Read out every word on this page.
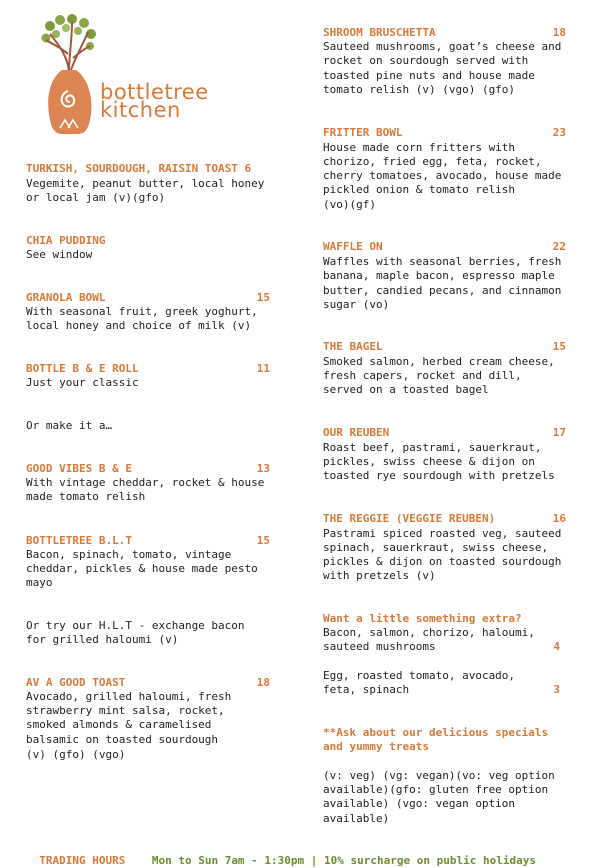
bottletree
kitchen
TURKISH, SOURDOUGH, RAISIN TOAST 6
Vegemite, peanut butter, local honey
or local jam (v)(gfo)
CHIA PUDDING
See window
GRANOLA BOWL	15
With seasonal fruit, greek yoghurt,
local honey and choice of milk (v)
BOTTLE B & E ROLL	11
Just your classic
Or make it a…
GOOD VIBES B & E	13
With vintage cheddar, rocket & house
made tomato relish
BOTTLETREE B.L.T	15
Bacon, spinach, tomato, vintage
cheddar, pickles & house made pesto
mayo
Or try our H.L.T - exchange bacon
for grilled haloumi (v)
AV A GOOD TOAST	18
Avocado, grilled haloumi, fresh
strawberry mint salsa, rocket,
smoked almonds & caramelised
balsamic on toasted sourdough
(v) (gfo) (vgo)
SHROOM BRUSCHETTA	18
Sauteed mushrooms, goat’s cheese and
rocket on sourdough served with
toasted pine nuts and house made
tomato relish (v) (vgo) (gfo)
FRITTER BOWL	23
House made corn fritters with
chorizo, fried egg, feta, rocket,
cherry tomatoes, avocado, house made
pickled onion & tomato relish
(vo)(gf)
WAFFLE ON	22
Waffles with seasonal berries, fresh
banana, maple bacon, espresso maple
butter, candied pecans, and cinnamon
sugar (vo)
THE BAGEL	15
Smoked salmon, herbed cream cheese,
fresh capers, rocket and dill,
served on a toasted bagel
OUR REUBEN	17
Roast beef, pastrami, sauerkraut,
pickles, swiss cheese & dijon on
toasted rye sourdough with pretzels
THE REGGIE (VEGGIE REUBEN)	16
Pastrami spiced roasted veg, sauteed
spinach, sauerkraut, swiss cheese,
pickles & dijon on toasted sourdough
with pretzels (v)
Want a little something extra?
Bacon, salmon, chorizo, haloumi,
sauteed mushrooms	4
Egg, roasted tomato, avocado,
feta, spinach	3
**Ask about our delicious specials
and yummy treats
(v: veg) (vg: vegan)(vo: veg option
available)(gfo: gluten free option
available) (vgo: vegan option
available)

TRADING HOURS Mon to Sun 7am - 1:30pm | 10% surcharge on public holidays
